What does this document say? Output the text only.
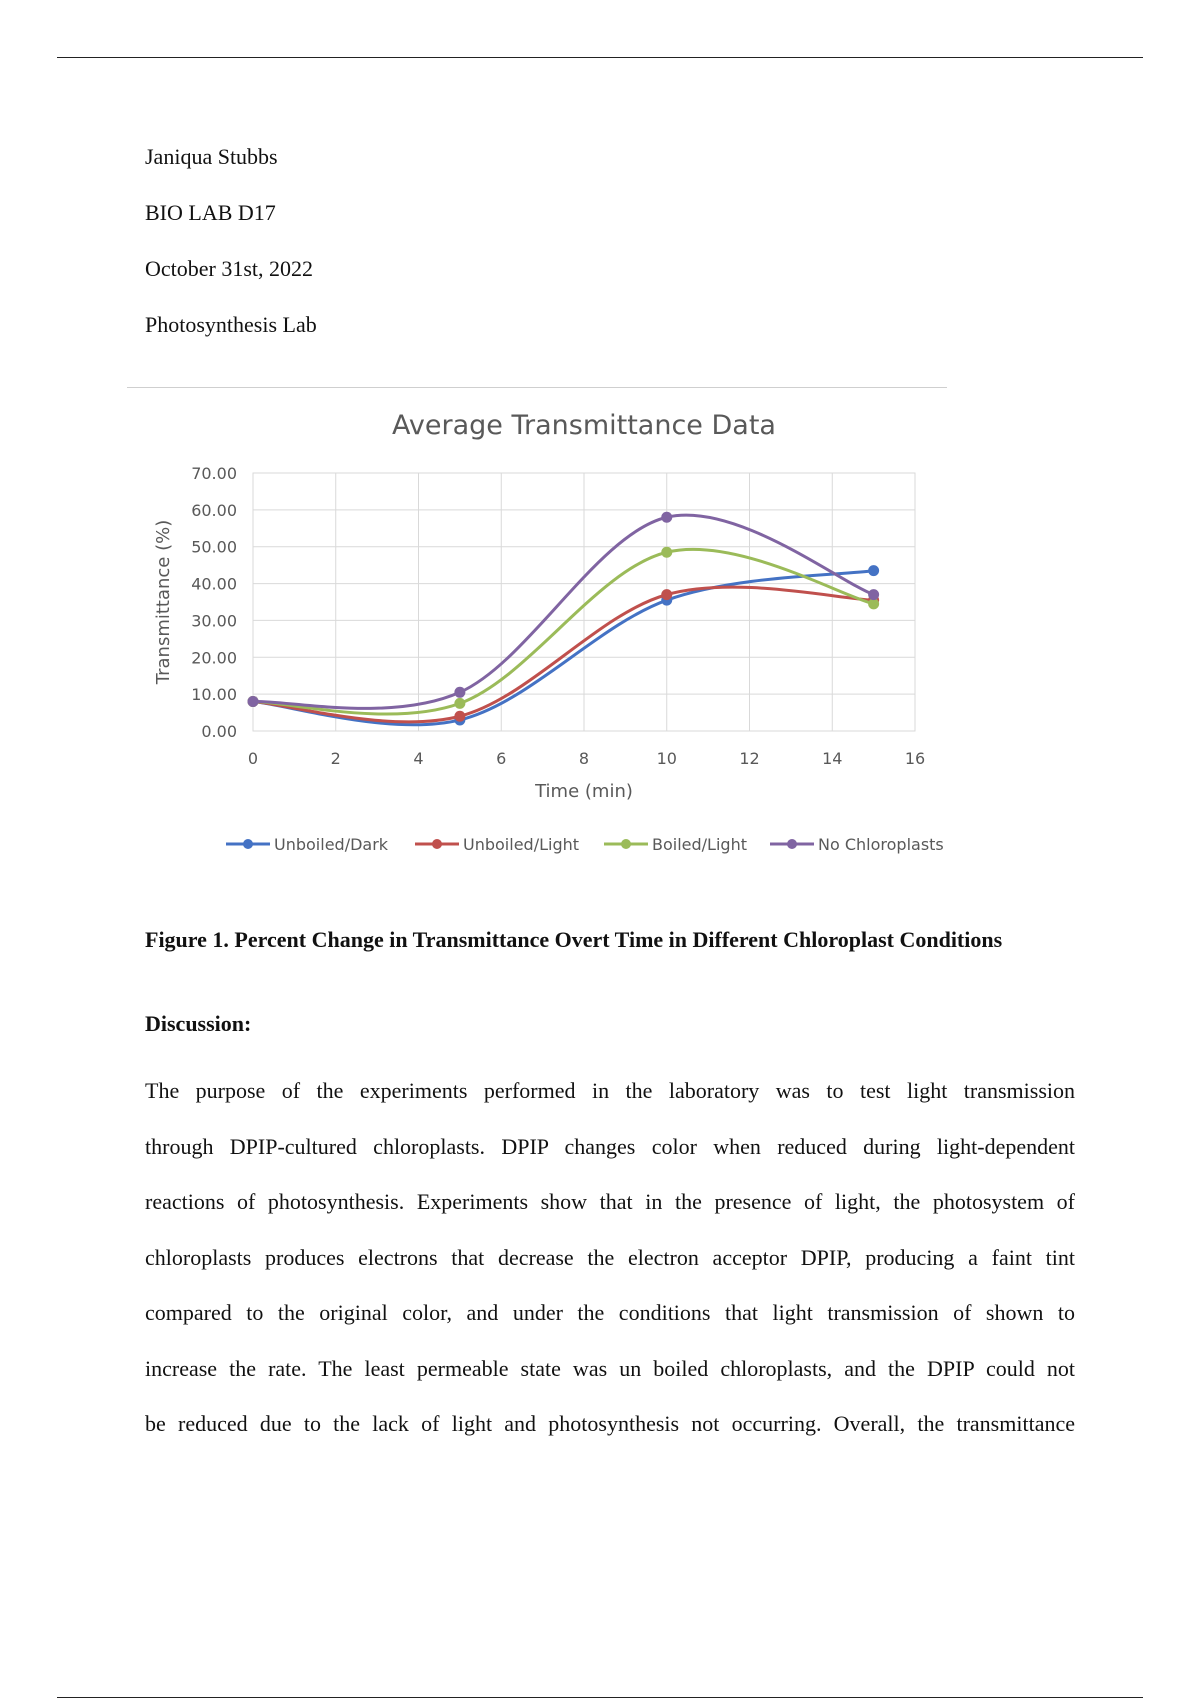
Janiqua Stubbs
BIO LAB D17
October 31st, 2022
Photosynthesis Lab
Average Transmittance Data
0.00
10.00
20.00
30.00
40.00
50.00
60.00
70.00
0	2	4	6	8	10	12	14	16
Time (min)
Transmittance (%)
Unboiled/Dark	Unboiled/Light	Boiled/Light	No Chloroplasts
Figure 1. Percent Change in Transmittance Overt Time in Different Chloroplast Conditions
Discussion:
The purpose of the experiments performed in the laboratory was to test light transmission
through DPIP-cultured chloroplasts. DPIP changes color when reduced during light-dependent
reactions of photosynthesis. Experiments show that in the presence of light, the photosystem of
chloroplasts produces electrons that decrease the electron acceptor DPIP, producing a faint tint
compared to the original color, and under the conditions that light transmission of shown to
increase the rate. The least permeable state was un boiled chloroplasts, and the DPIP could not
be reduced due to the lack of light and photosynthesis not occurring. Overall, the transmittance
